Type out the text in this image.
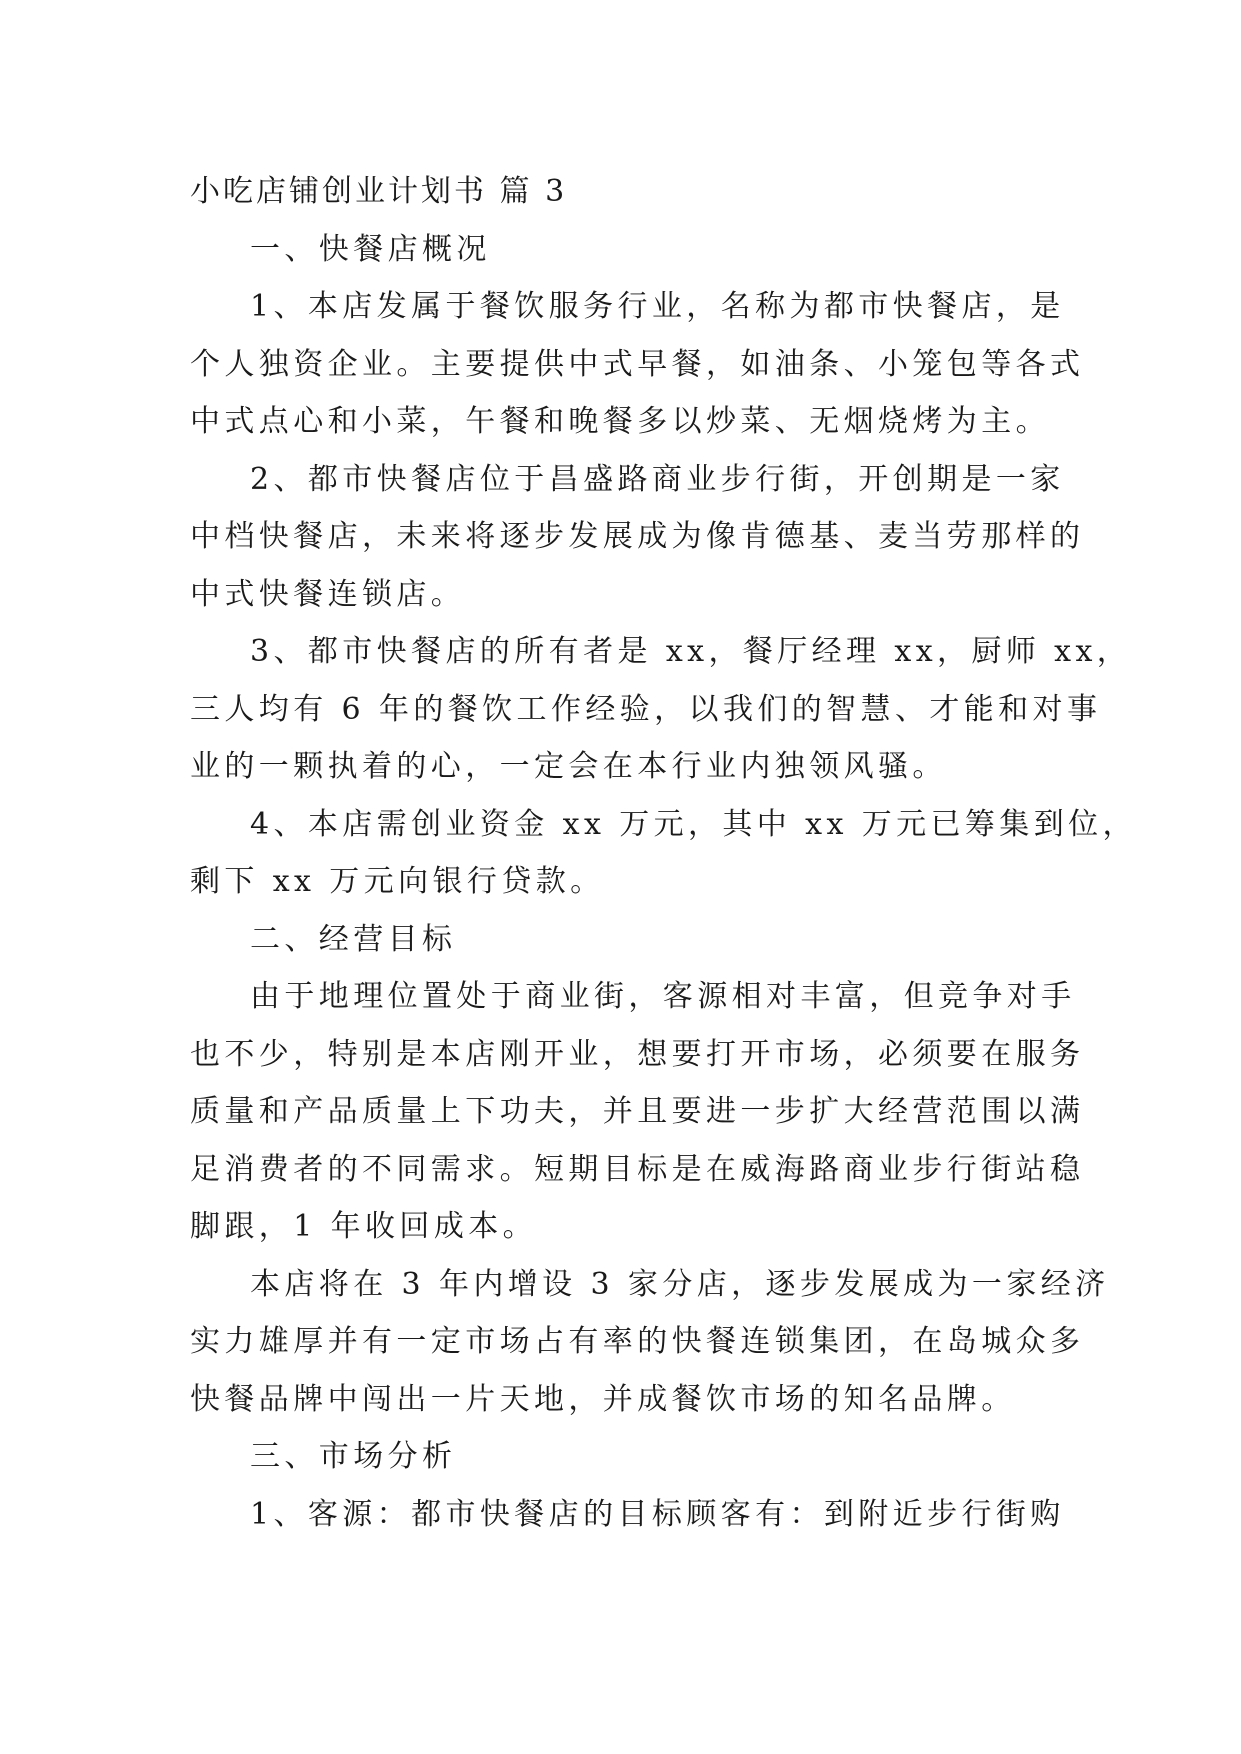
小吃店铺创业计划书 篇 3
一、快餐店概况
1、本店发属于餐饮服务行业，名称为都市快餐店，是
个人独资企业。主要提供中式早餐，如油条、小笼包等各式
中式点心和小菜，午餐和晚餐多以炒菜、无烟烧烤为主。
2、都市快餐店位于昌盛路商业步行街，开创期是一家
中档快餐店，未来将逐步发展成为像肯德基、麦当劳那样的
中式快餐连锁店。
3、都市快餐店的所有者是 xx，餐厅经理 xx，厨师 xx，
三人均有 6 年的餐饮工作经验，以我们的智慧、才能和对事
业的一颗执着的心，一定会在本行业内独领风骚。
4、本店需创业资金 xx 万元，其中 xx 万元已筹集到位，
剩下 xx 万元向银行贷款。
二、经营目标
由于地理位置处于商业街，客源相对丰富，但竞争对手
也不少，特别是本店刚开业，想要打开市场，必须要在服务
质量和产品质量上下功夫，并且要进一步扩大经营范围以满
足消费者的不同需求。短期目标是在威海路商业步行街站稳
脚跟，1 年收回成本。
本店将在 3 年内增设 3 家分店，逐步发展成为一家经济
实力雄厚并有一定市场占有率的快餐连锁集团，在岛城众多
快餐品牌中闯出一片天地，并成餐饮市场的知名品牌。
三、市场分析
1、客源：都市快餐店的目标顾客有：到附近步行街购
